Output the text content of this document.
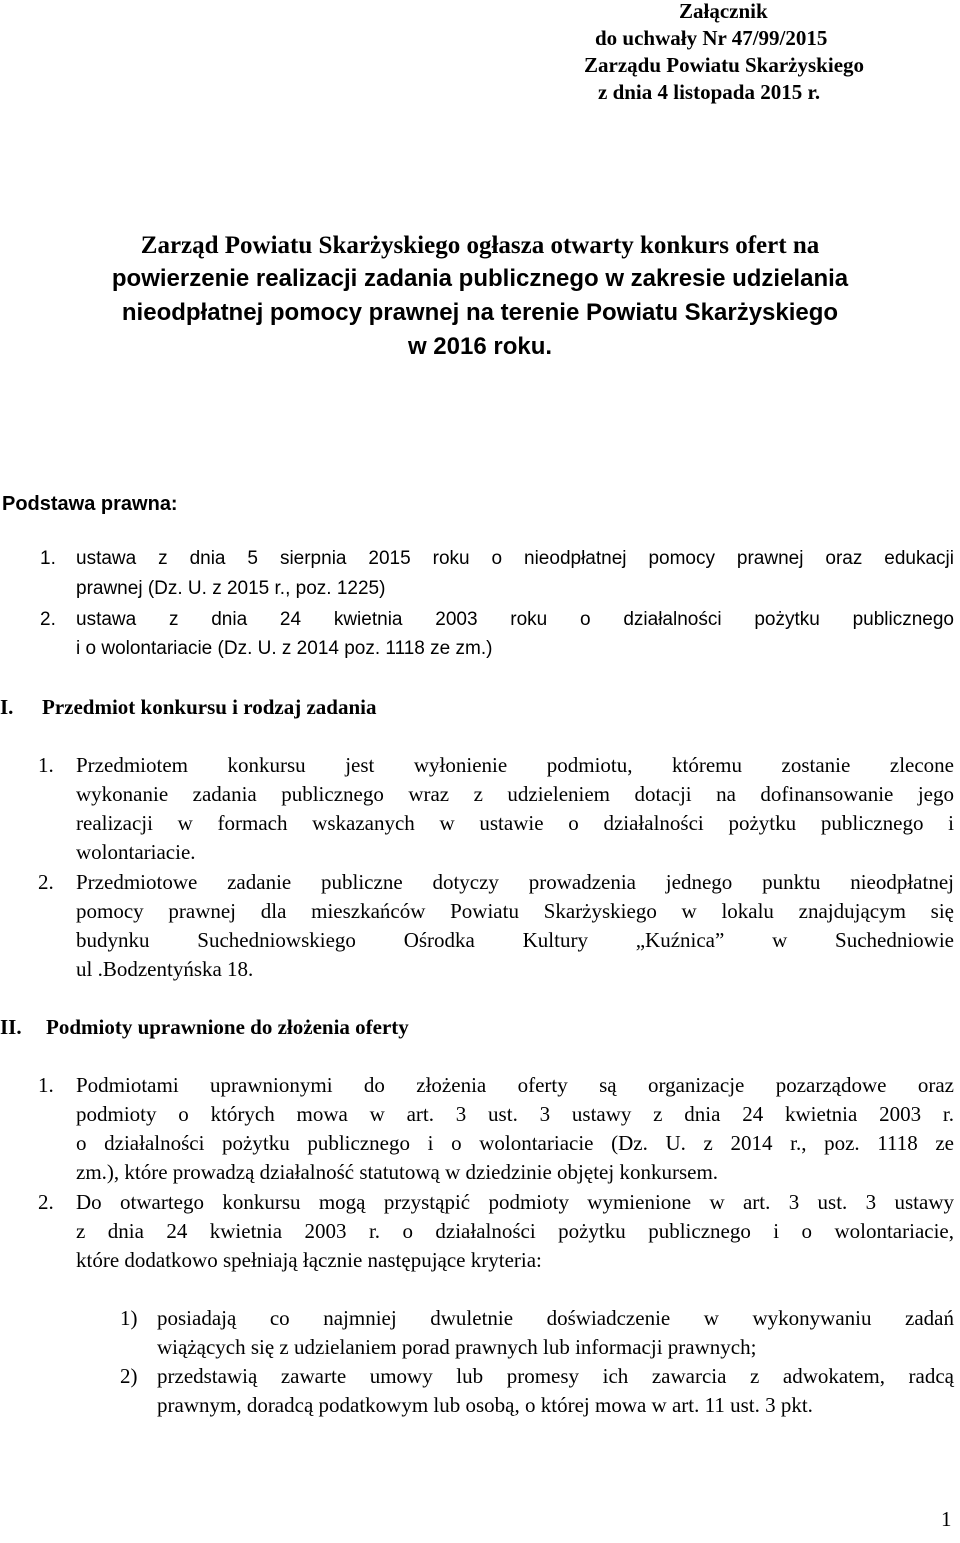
Załącznik
do uchwały Nr 47/99/2015
Zarządu Powiatu Skarżyskiego
z dnia 4 listopada 2015 r.
Zarząd Powiatu Skarżyskiego ogłasza otwarty konkurs ofert na
powierzenie realizacji zadania publicznego w zakresie udzielania
nieodpłatnej pomocy prawnej na terenie Powiatu Skarżyskiego
w 2016 roku.
Podstawa prawna:
1. ustawa z dnia 5 sierpnia 2015 roku o nieodpłatnej pomocy prawnej oraz edukacji
prawnej (Dz. U. z 2015 r., poz. 1225)
2. ustawa z dnia 24 kwietnia 2003 roku o działalności pożytku publicznego
i o wolontariacie (Dz. U. z 2014 poz. 1118 ze zm.)
I. Przedmiot konkursu i rodzaj zadania
1. Przedmiotem konkursu jest wyłonienie podmiotu, któremu zostanie zlecone
wykonanie zadania publicznego wraz z udzieleniem dotacji na dofinansowanie jego
realizacji w formach wskazanych w ustawie o działalności pożytku publicznego i
wolontariacie.
2. Przedmiotowe zadanie publiczne dotyczy prowadzenia jednego punktu nieodpłatnej
pomocy prawnej dla mieszkańców Powiatu Skarżyskiego w lokalu znajdującym się
budynku Suchedniowskiego Ośrodka Kultury „Kuźnica” w Suchedniowie
ul .Bodzentyńska 18.
II. Podmioty uprawnione do złożenia oferty
1. Podmiotami uprawnionymi do złożenia oferty są organizacje pozarządowe oraz
podmioty o których mowa w art. 3 ust. 3 ustawy z dnia 24 kwietnia 2003 r.
o działalności pożytku publicznego i o wolontariacie (Dz. U. z 2014 r., poz. 1118 ze
zm.), które prowadzą działalność statutową w dziedzinie objętej konkursem.
2. Do otwartego konkursu mogą przystąpić podmioty wymienione w art. 3 ust. 3 ustawy
z dnia 24 kwietnia 2003 r. o działalności pożytku publicznego i o wolontariacie,
które dodatkowo spełniają łącznie następujące kryteria:
1) posiadają co najmniej dwuletnie doświadczenie w wykonywaniu zadań
wiążących się z udzielaniem porad prawnych lub informacji prawnych;
2) przedstawią zawarte umowy lub promesy ich zawarcia z adwokatem, radcą
prawnym, doradcą podatkowym lub osobą, o której mowa w art. 11 ust. 3 pkt.
1
